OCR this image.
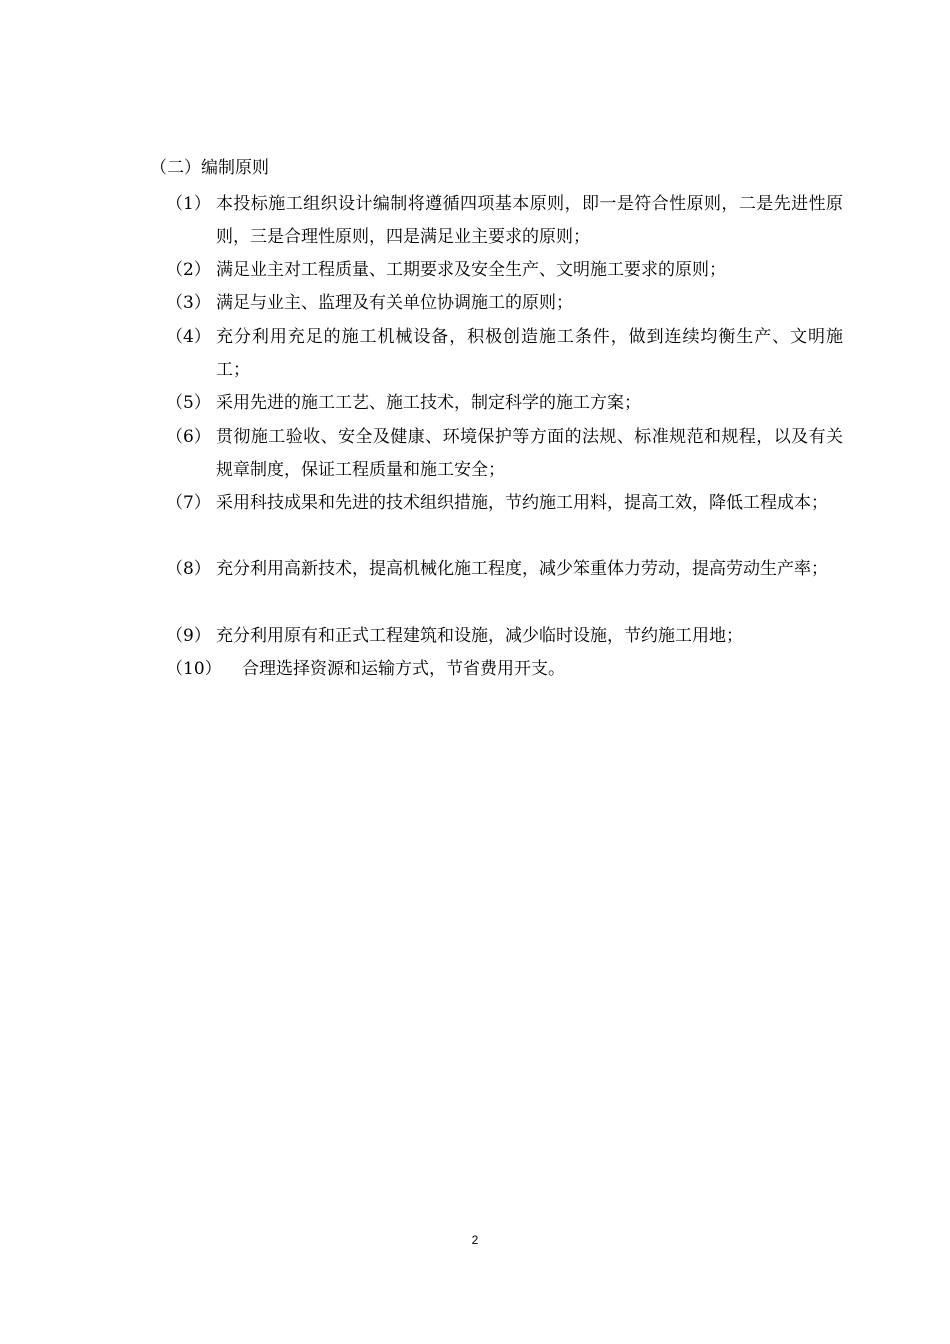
（二）编制原则
（1） 本投标施工组织设计编制将遵循四项基本原则，即一是符合性原则，二是先进性原则，三是合理性原则，四是满足业主要求的原则；
（2） 满足业主对工程质量、工期要求及安全生产、文明施工要求的原则；
（3） 满足与业主、监理及有关单位协调施工的原则；
（4） 充分利用充足的施工机械设备，积极创造施工条件，做到连续均衡生产、文明施工；
（5） 采用先进的施工工艺、施工技术，制定科学的施工方案；
（6） 贯彻施工验收、安全及健康、环境保护等方面的法规、标准规范和规程，以及有关规章制度，保证工程质量和施工安全；
（7） 采用科技成果和先进的技术组织措施，节约施工用料，提高工效，降低工程成本；
（8） 充分利用高新技术，提高机械化施工程度，减少笨重体力劳动，提高劳动生产率；
（9） 充分利用原有和正式工程建筑和设施，减少临时设施，节约施工用地；
（10） 合理选择资源和运输方式，节省费用开支。
2
